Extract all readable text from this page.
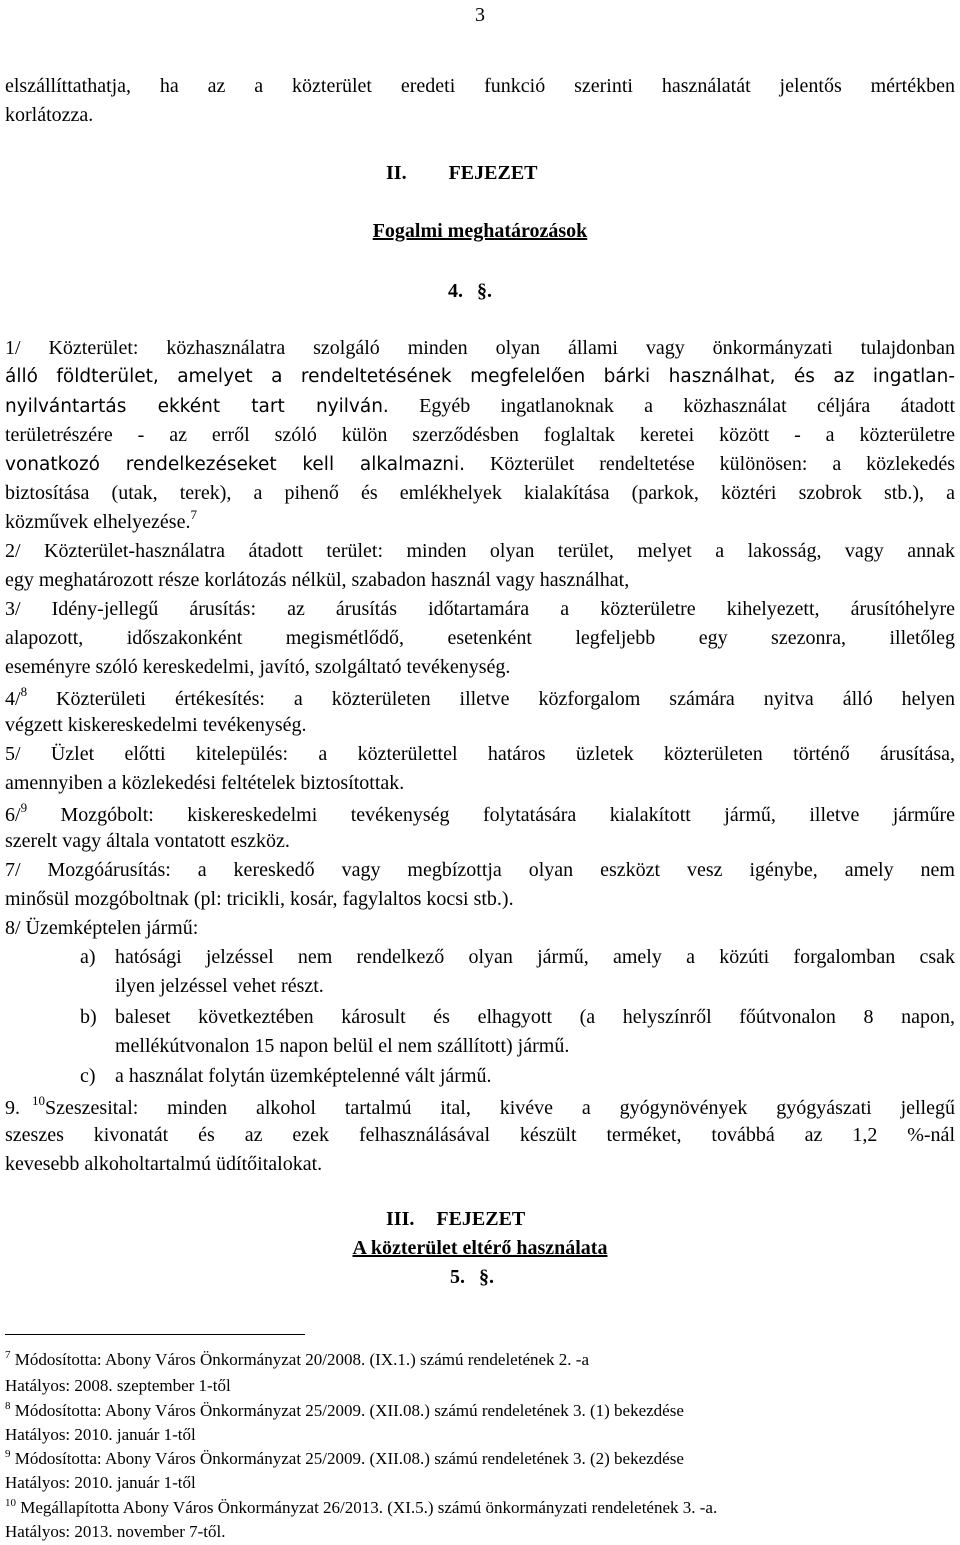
3
elszállíttathatja, ha az a közterület eredeti funkció szerinti használatát jelentős mértékben
korlátozza.
II. FEJEZET
Fogalmi meghatározások
4. §.
1/ Közterület: közhasználatra szolgáló minden olyan állami vagy önkormányzati tulajdonban
álló földterület, amelyet a rendeltetésének megfelelően bárki használhat, és az ingatlan-
nyilvántartás ekként tart nyilván. Egyéb ingatlanoknak a közhasználat céljára átadott
területrészére - az erről szóló külön szerződésben foglaltak keretei között - a közterületre
vonatkozó rendelkezéseket kell alkalmazni. Közterület rendeltetése különösen: a közlekedés
biztosítása (utak, terek), a pihenő és emlékhelyek kialakítása (parkok, köztéri szobrok stb.), a
közművek elhelyezése.$^7$
2/ Közterület-használatra átadott terület: minden olyan terület, melyet a lakosság, vagy annak
egy meghatározott része korlátozás nélkül, szabadon használ vagy használhat,
3/ Idény-jellegű árusítás: az árusítás időtartamára a közterületre kihelyezett, árusítóhelyre
alapozott, időszakonként megismétlődő, esetenként legfeljebb egy szezonra, illetőleg
eseményre szóló kereskedelmi, javító, szolgáltató tevékenység.
4/$^8$ Közterületi értékesítés: a közterületen illetve közforgalom számára nyitva álló helyen
végzett kiskereskedelmi tevékenység.
5/ Üzlet előtti kitelepülés: a közterülettel határos üzletek közterületen történő árusítása,
amennyiben a közlekedési feltételek biztosítottak.
6/$^9$ Mozgóbolt: kiskereskedelmi tevékenység folytatására kialakított jármű, illetve járműre
szerelt vagy általa vontatott eszköz.
7/ Mozgóárusítás: a kereskedő vagy megbízottja olyan eszközt vesz igénybe, amely nem
minősül mozgóboltnak (pl: tricikli, kosár, fagylaltos kocsi stb.).
8/ Üzemképtelen jármű:
a) hatósági jelzéssel nem rendelkező olyan jármű, amely a közúti forgalomban csak
ilyen jelzéssel vehet részt.
b) baleset következtében károsult és elhagyott (a helyszínről főútvonalon 8 napon,
mellékútvonalon 15 napon belül el nem szállított) jármű.
c) a használat folytán üzemképtelenné vált jármű.
9. $^{10}$Szeszesital: minden alkohol tartalmú ital, kivéve a gyógynövények gyógyászati jellegű
szeszes kivonatát és az ezek felhasználásával készült terméket, továbbá az 1,2 %-nál
kevesebb alkoholtartalmú üdítőitalokat.
III. FEJEZET
A közterület eltérő használata
5. §.
$^7$ Módosította: Abony Város Önkormányzat 20/2008. (IX.1.) számú rendeletének 2. -a
Hatályos: 2008. szeptember 1-től
$^8$ Módosította: Abony Város Önkormányzat 25/2009. (XII.08.) számú rendeletének 3. (1) bekezdése
Hatályos: 2010. január 1-től
$^9$ Módosította: Abony Város Önkormányzat 25/2009. (XII.08.) számú rendeletének 3. (2) bekezdése
Hatályos: 2010. január 1-től
$^{10}$ Megállapította Abony Város Önkormányzat 26/2013. (XI.5.) számú önkormányzati rendeletének 3. -a.
Hatályos: 2013. november 7-től.
